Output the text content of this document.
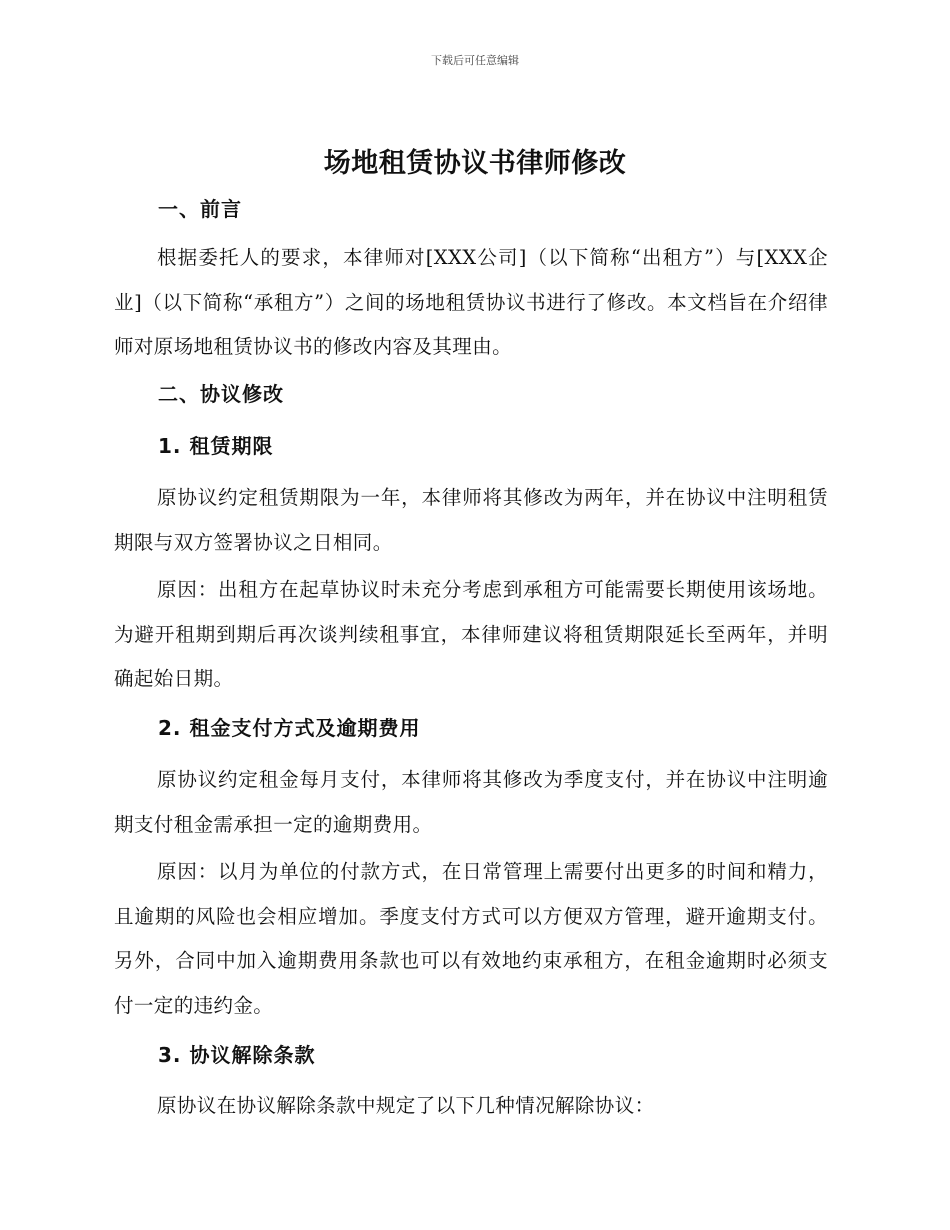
下载后可任意编辑
场地租赁协议书律师修改
一、前言

根据委托人的要求，本律师对[XXX公司]（以下简称“出租方”）与[XXX企业]（以下简称“承租方”）之间的场地租赁协议书进行了修改。本文档旨在介绍律师对原场地租赁协议书的修改内容及其理由。

二、协议修改
1. 租赁期限

原协议约定租赁期限为一年，本律师将其修改为两年，并在协议中注明租赁期限与双方签署协议之日相同。

原因：出租方在起草协议时未充分考虑到承租方可能需要长期使用该场地。为避开租期到期后再次谈判续租事宜，本律师建议将租赁期限延长至两年，并明确起始日期。

2. 租金支付方式及逾期费用

原协议约定租金每月支付，本律师将其修改为季度支付，并在协议中注明逾期支付租金需承担一定的逾期费用。

原因：以月为单位的付款方式，在日常管理上需要付出更多的时间和精力，且逾期的风险也会相应增加。季度支付方式可以方便双方管理，避开逾期支付。另外，合同中加入逾期费用条款也可以有效地约束承租方，在租金逾期时必须支付一定的违约金。

3. 协议解除条款

原协议在协议解除条款中规定了以下几种情况解除协议：
